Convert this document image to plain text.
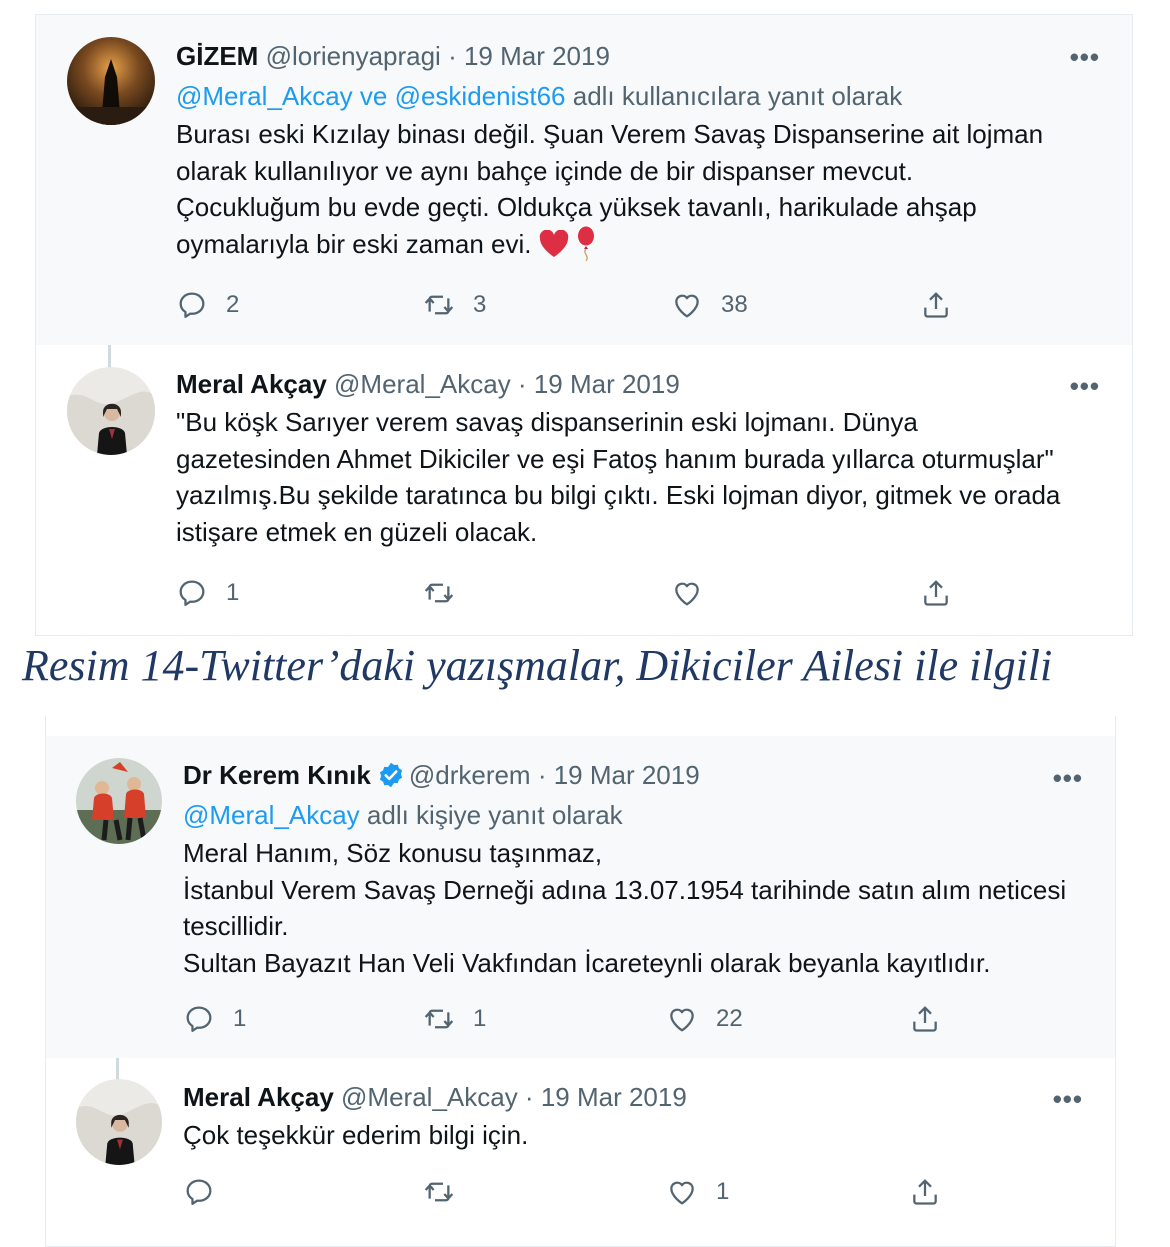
GİZEM @lorienyapragi · 19 Mar 2019
@Meral_Akcay ve @eskidenist66 adlı kullanıcılara yanıt olarak

Burası eski Kızılay binası değil. Şuan Verem Savaş Dispanserine ait lojman

olarak kullanılıyor ve aynı bahçe içinde de bir dispanser mevcut.

Çocukluğum bu evde geçti. Oldukça yüksek tavanlı, harikulade ahşap

oymalarıyla bir eski zaman evi.

•••
2	3	38
Meral Akçay @Meral_Akcay · 19 Mar 2019

"Bu köşk Sarıyer verem savaş dispanserinin eski lojmanı. Dünya

gazetesinden Ahmet Dikiciler ve eşi Fatoş hanım burada yıllarca oturmuşlar"

yazılmış.Bu şekilde taratınca bu bilgi çıktı. Eski lojman diyor, gitmek ve orada

istişare etmek en güzeli olacak.

•••
1
Resim 14-Twitter’daki yazışmalar, Dikiciler Ailesi ile ilgili
Dr Kerem Kınık @drkerem · 19 Mar 2019
@Meral_Akcay adlı kişiye yanıt olarak

Meral Hanım, Söz konusu taşınmaz,

İstanbul Verem Savaş Derneği adına 13.07.1954 tarihinde satın alım neticesi

tescillidir.

Sultan Bayazıt Han Veli Vakfından İcareteynli olarak beyanla kayıtlıdır.

•••
1	1	22
Meral Akçay @Meral_Akcay · 19 Mar 2019

Çok teşekkür ederim bilgi için.

•••
1
